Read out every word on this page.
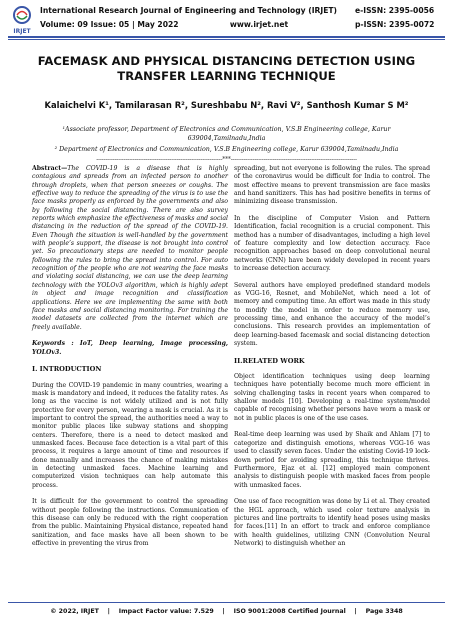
IRJET
International Research Journal of Engineering and Technology (IRJET)
Volume: 09 Issue: 05 | May 2022	www.irjet.net
e-ISSN: 2395-0056
p-ISSN: 2395-0072
FACEMASK AND PHYSICAL DISTANCING DETECTION USING TRANSFER LEARNING TECHNIQUE
Kalaichelvi K¹, Tamilarasan R², Sureshbabu N², Ravi V², Santhosh Kumar S M²
¹Associate professor, Department of Electronics and Communication, V.S.B Engineering college, Karur 639004,Tamilnadu,India
² Department of Electronics and Communication, V.S.B Engineering college, Karur 639004,Tamilnadu,India
---------------------------------------------------------------------***---------------------------------------------------------------------

Abstract—The COVID-19 is a disease that is highly contagious and spreads from an infected person to another through droplets, when that person sneezes or coughs. The effective way to reduce the spreading of the virus is to use the face masks properly as enforced by the governments and also by following the social distancing. There are also survey reports which emphasize the effectiveness of masks and social distancing in the reduction of the spread of the COVID-19. Even Though the situation is well-handled by the government with people’s support, the disease is not brought into control yet. So precautionary steps are needed to monitor people following the rules to bring the spread into control. For auto recognition of the people who are not wearing the face masks and violating social distancing, we can use the deep learning technology with the YOLOv3 algorithm, which is highly adept in object and image recognition and classification applications. Here we are implementing the same with both face masks and social distancing monitoring. For training the model datasets are collected from the internet which are freely available.

Keywords : IoT, Deep learning, Image processing, YOLOv3.

I. INTRODUCTION

During the COVID-19 pandemic in many countries, wearing a mask is mandatory and indeed, it reduces the fatality rates. As long as the vaccine is not widely utilized and is not fully protective for every person, wearing a mask is crucial. As it is important to control the spread, the authorities need a way to monitor public places like subway stations and shopping centers. Therefore, there is a need to detect masked and unmasked faces. Because face detection is a vital part of this process, it requires a large amount of time and resources if done manually and increases the chance of making mistakes in detecting unmasked faces. Machine learning and computerized vision techniques can help automate this process.

It is difficult for the government to control the spreading without people following the instructions. Communication of this disease can only be reduced with the right cooperation from the public. Maintaining Physical distance, repeated hand sanitization, and face masks have all been shown to be effective in preventing the virus from

spreading, but not everyone is following the rules. The spread of the coronavirus would be difficult for India to control. The most effective means to prevent transmission are face masks and hand sanitizers. This has had positive benefits in terms of minimizing disease transmission.

In the discipline of Computer Vision and Pattern Identification, facial recognition is a crucial component. This method has a number of disadvantages, including a high level of feature complexity and low detection accuracy. Face recognition approaches based on deep convolutional neural networks (CNN) have been widely developed in recent years to increase detection accuracy.

Several authors have employed predefined standard models as VGG-16, Resnet, and MobileNet, which need a lot of memory and computing time. An effort was made in this study to modify the model in order to reduce memory use, processing time, and enhance the accuracy of the model’s conclusions. This research provides an implementation of deep learning-based facemask and social distancing detection system.

II.RELATED WORK

Object identification techniques using deep learning techniques have potentially become much more efficient in solving challenging tasks in recent years when compared to shallow models [10]. Developing a real-time system/model capable of recognising whether persons have worn a mask or not in public places is one of the use cases.

Real-time deep learning was used by Shaik and Ahlam [7] to categorize and distinguish emotions, whereas VGG-16 was used to classify seven faces. Under the existing Covid-19 lock-down period for avoiding spreading, this technique thrives. Furthermore, Ejaz et al. [12] employed main component analysis to distinguish people with masked faces from people with unmasked faces.

One use of face recognition was done by Li et al. They created the HGL approach, which used color texture analysis in pictures and line portraits to identify head poses using masks for faces.[11] In an effort to track and enforce compliance with health guidelines, utilizing CNN (Convolution Neural Network) to distinguish whether an

© 2022, IRJET    |    Impact Factor value: 7.529    |    ISO 9001:2008 Certified Journal    |    Page 3348
